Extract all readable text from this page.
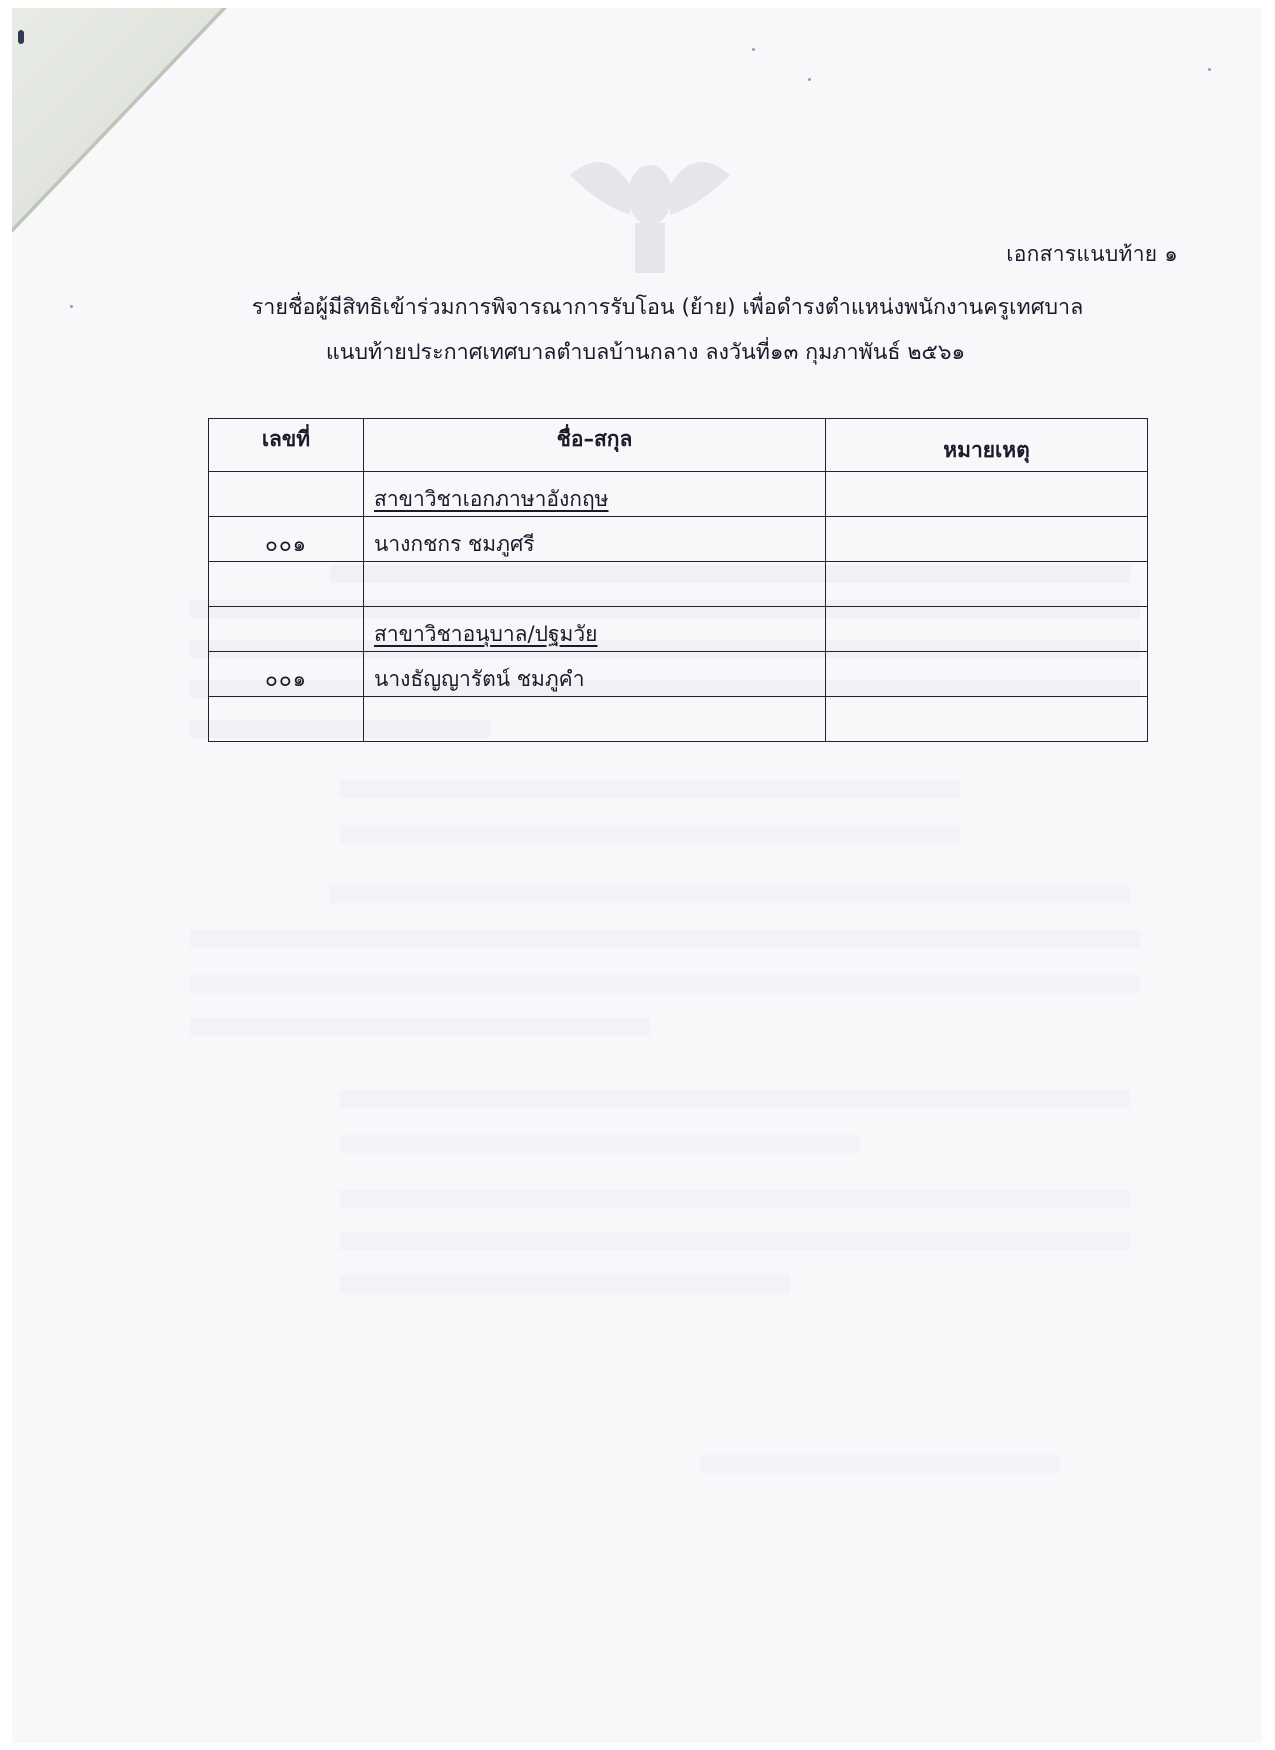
เอกสารแนบท้าย ๑
รายชื่อผู้มีสิทธิเข้าร่วมการพิจารณาการรับโอน (ย้าย) เพื่อดำรงตำแหน่งพนักงานครูเทศบาล
แนบท้ายประกาศเทศบาลตำบลบ้านกลาง ลงวันที่๑๓ กุมภาพันธ์ ๒๕๖๑
เลขที่	ชื่อ–สกุล	หมายเหตุ
	สาขาวิชาเอกภาษาอังกฤษ	
๐๐๑	นางกชกร ชมภูศรี	

	สาขาวิชาอนุบาล/ปฐมวัย	
๐๐๑	นางธัญญารัตน์ ชมภูคำ	
